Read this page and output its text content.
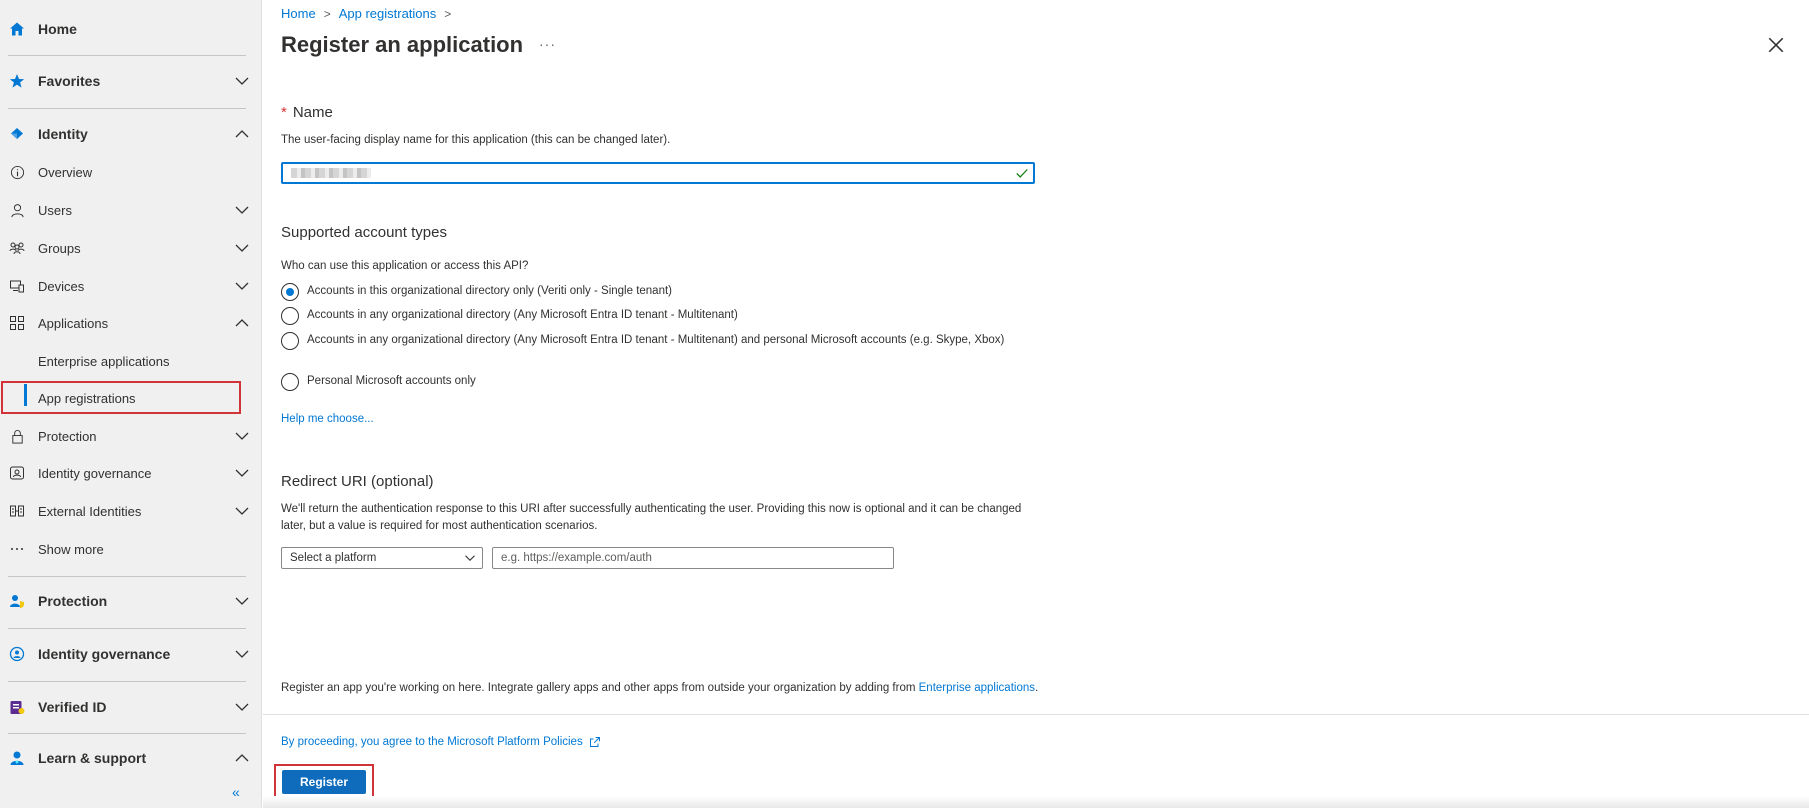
Home
Favorites
Identity
Overview
Users
Groups
Devices
Applications
Enterprise applications
App registrations
Protection
Identity governance
External Identities
Show more
Protection
Identity governance
Verified ID
Learn & support
«
Home > App registrations >
Register an application ···
* Name
The user-facing display name for this application (this can be changed later).
Supported account types
Who can use this application or access this API?
Accounts in this organizational directory only (Veriti only - Single tenant)
Accounts in any organizational directory (Any Microsoft Entra ID tenant - Multitenant)
Accounts in any organizational directory (Any Microsoft Entra ID tenant - Multitenant) and personal Microsoft accounts (e.g. Skype, Xbox)
Personal Microsoft accounts only
Help me choose...
Redirect URI (optional)
We'll return the authentication response to this URI after successfully authenticating the user. Providing this now is optional and it can be changed later, but a value is required for most authentication scenarios.
Select a platform
e.g. https://example.com/auth
Register an app you're working on here. Integrate gallery apps and other apps from outside your organization by adding from Enterprise applications.
By proceeding, you agree to the Microsoft Platform Policies
Register
